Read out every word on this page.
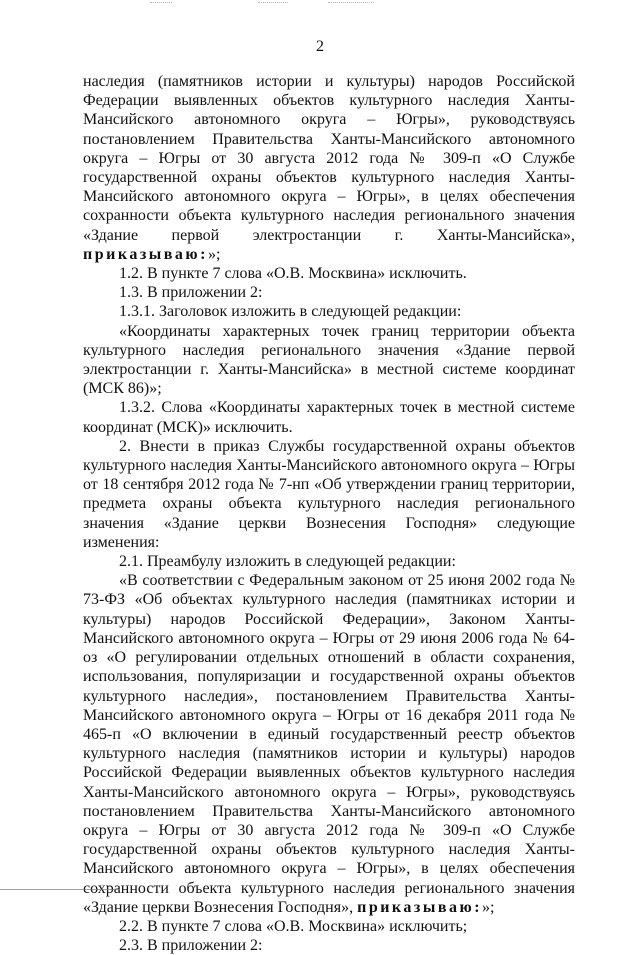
2

наследия (памятников истории и культуры) народов Российской Федерации выявленных объектов культурного наследия Ханты-Мансийского автономного округа – Югры», руководствуясь постановлением Правительства Ханты-Мансийского автономного округа – Югры от 30 августа 2012 года № 309-п «О Службе государственной охраны объектов культурного наследия Ханты-Мансийского автономного округа – Югры», в целях обеспечения сохранности объекта культурного наследия регионального значения «Здание первой электростанции г. Ханты-Мансийска», приказываю:»;

1.2. В пункте 7 слова «О.В. Москвина» исключить.

1.3. В приложении 2:

1.3.1. Заголовок изложить в следующей редакции:

«Координаты характерных точек границ территории объекта культурного наследия регионального значения «Здание первой электростанции г. Ханты-Мансийска» в местной системе координат (МСК 86)»;

1.3.2. Слова «Координаты характерных точек в местной системе координат (МСК)» исключить.

2. Внести в приказ Службы государственной охраны объектов культурного наследия Ханты-Мансийского автономного округа – Югры от 18 сентября 2012 года № 7-нп «Об утверждении границ территории, предмета охраны объекта культурного наследия регионального значения «Здание церкви Вознесения Господня» следующие изменения:

2.1. Преамбулу изложить в следующей редакции:

«В соответствии с Федеральным законом от 25 июня 2002 года № 73-ФЗ «Об объектах культурного наследия (памятниках истории и культуры) народов Российской Федерации», Законом Ханты-Мансийского автономного округа – Югры от 29 июня 2006 года № 64-оз «О регулировании отдельных отношений в области сохранения, использования, популяризации и государственной охраны объектов культурного наследия», постановлением Правительства Ханты-Мансийского автономного округа – Югры от 16 декабря 2011 года № 465-п «О включении в единый государственный реестр объектов культурного наследия (памятников истории и культуры) народов Российской Федерации выявленных объектов культурного наследия Ханты-Мансийского автономного округа – Югры», руководствуясь постановлением Правительства Ханты-Мансийского автономного округа – Югры от 30 августа 2012 года № 309-п «О Службе государственной охраны объектов культурного наследия Ханты-Мансийского автономного округа – Югры», в целях обеспечения сохранности объекта культурного наследия регионального значения «Здание церкви Вознесения Господня», приказываю:»;

2.2. В пункте 7 слова «О.В. Москвина» исключить;

2.3. В приложении 2:
